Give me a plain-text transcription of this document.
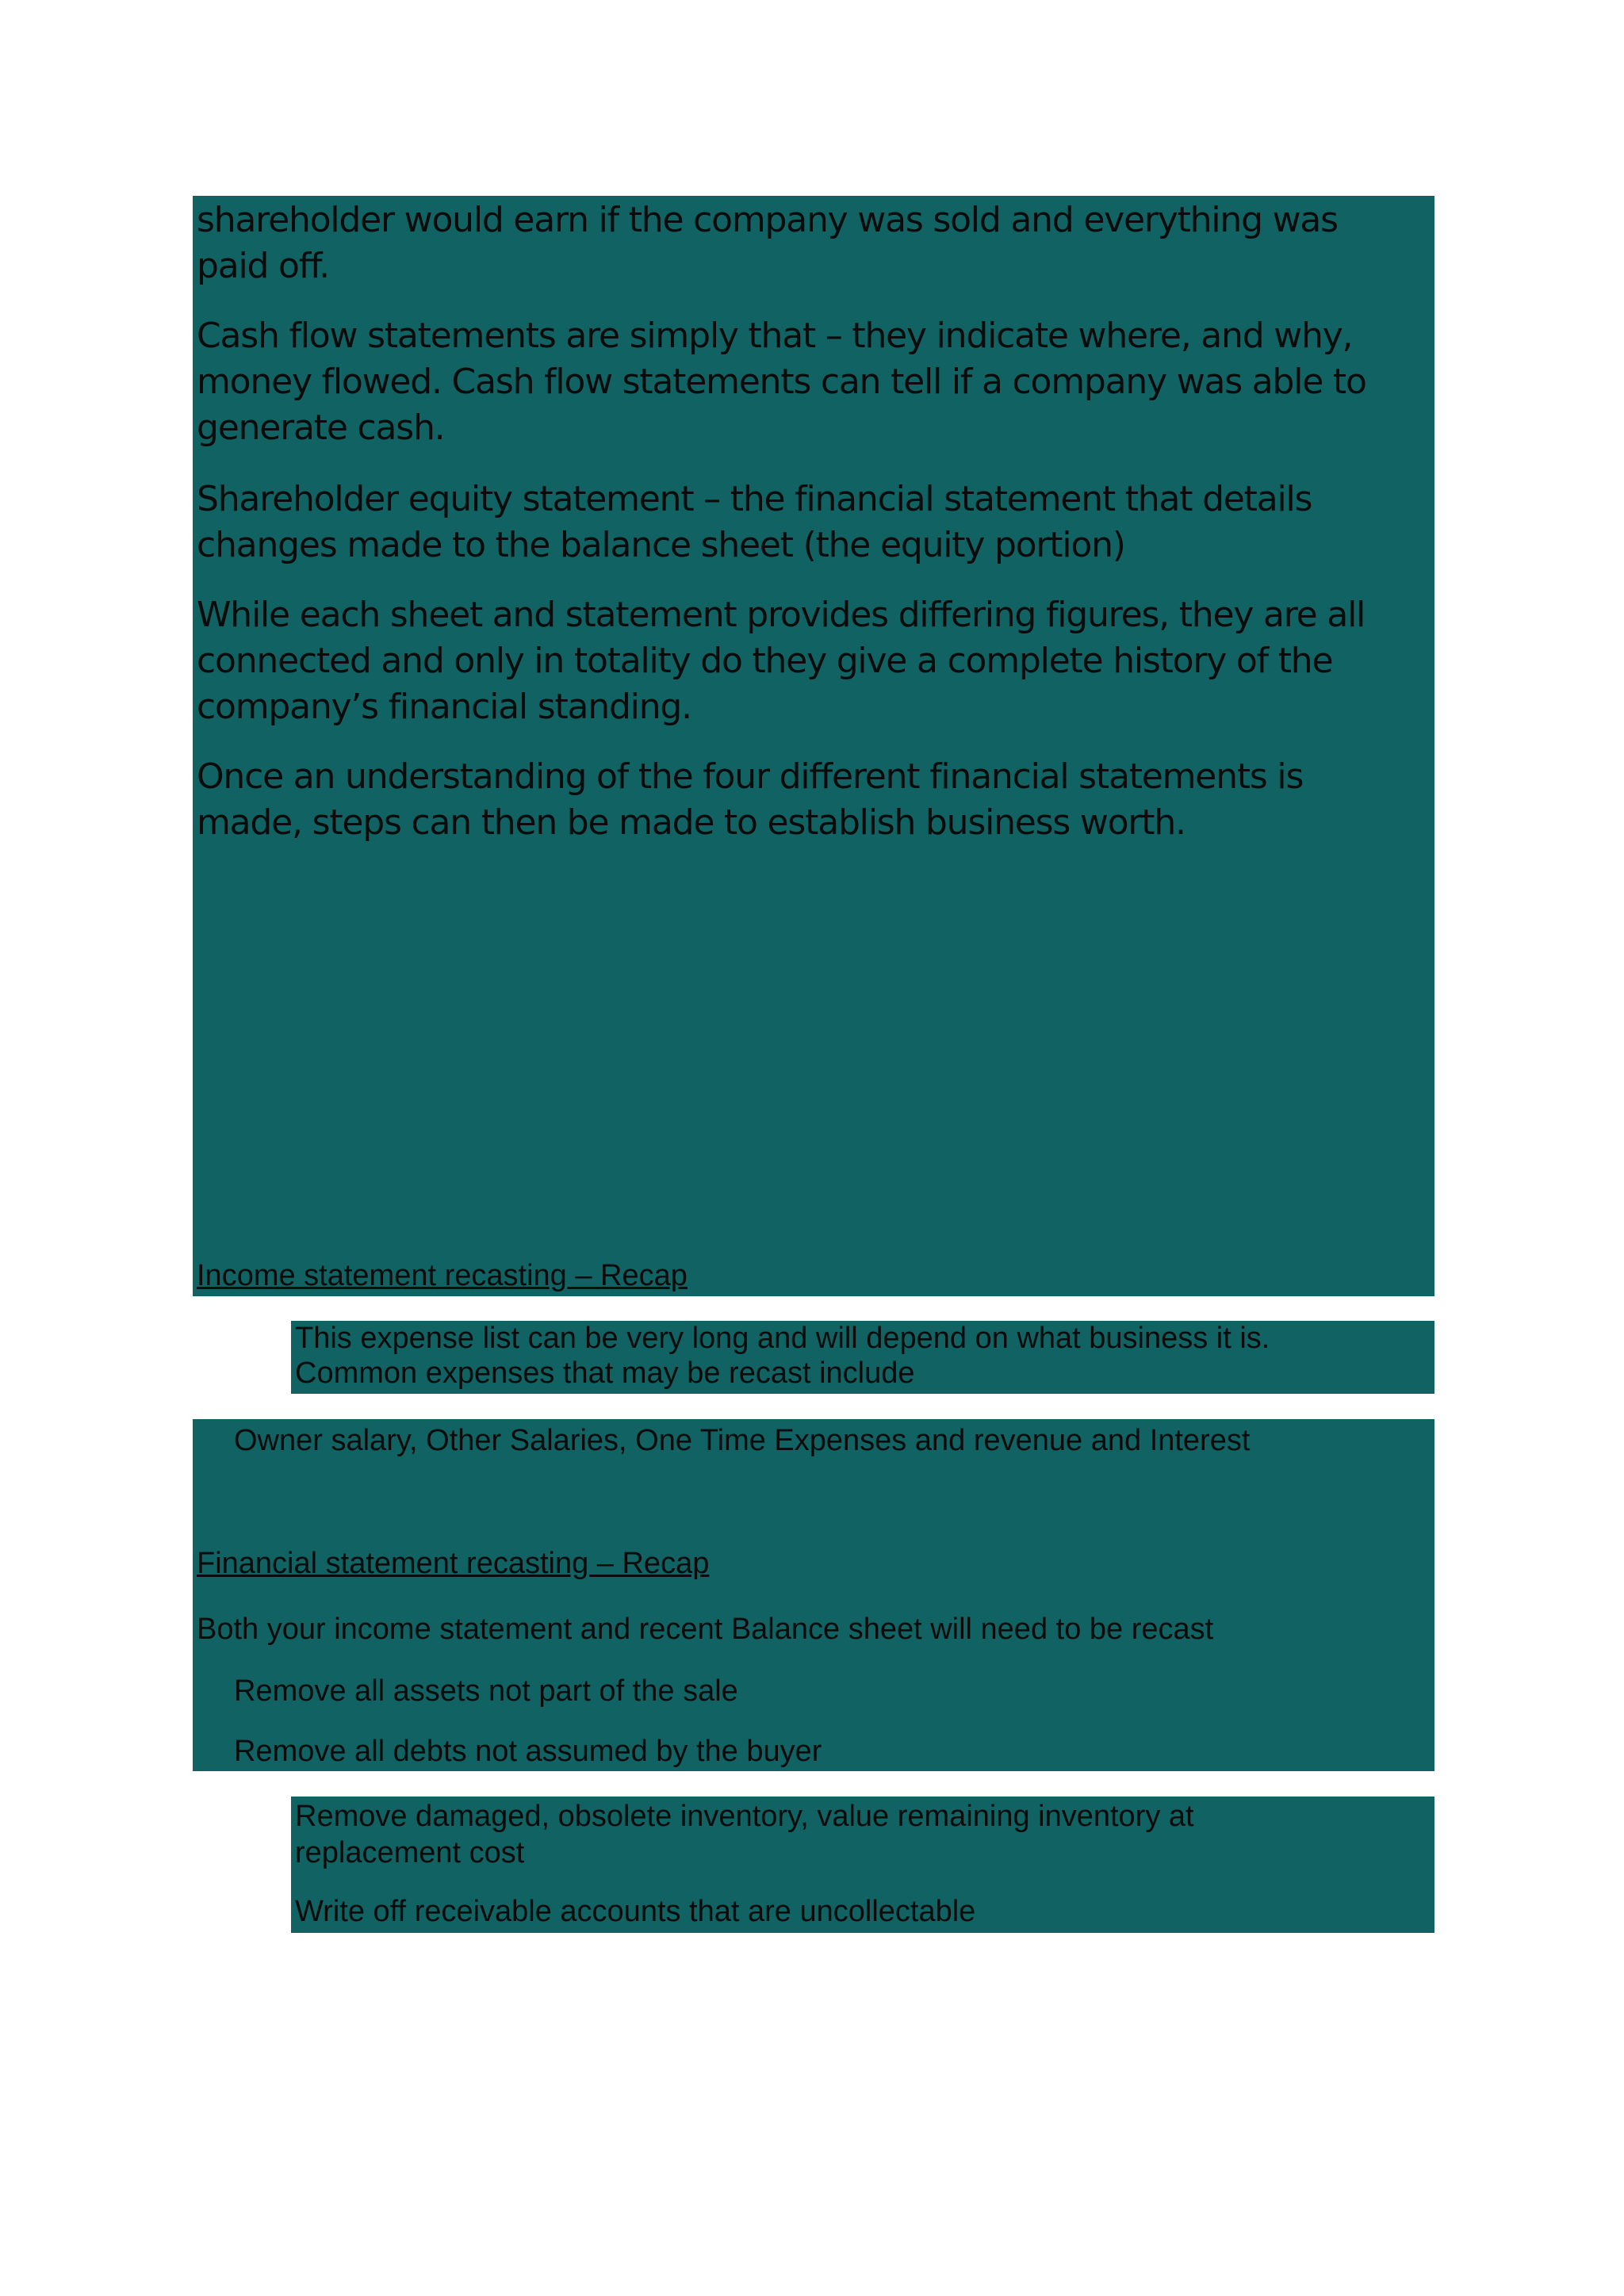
shareholder would earn if the company was sold and everything was
paid off.

Cash flow statements are simply that – they indicate where, and why,
money flowed. Cash flow statements can tell if a company was able to
generate cash.

Shareholder equity statement – the financial statement that details
changes made to the balance sheet (the equity portion)

While each sheet and statement provides differing figures, they are all
connected and only in totality do they give a complete history of the
company’s financial standing.

Once an understanding of the four different financial statements is
made, steps can then be made to establish business worth.

Income statement recasting – Recap

This expense list can be very long and will depend on what business it is.
Common expenses that may be recast include

Owner salary, Other Salaries, One Time Expenses and revenue and Interest

Financial statement recasting – Recap

Both your income statement and recent Balance sheet will need to be recast

Remove all assets not part of the sale

Remove all debts not assumed by the buyer

Remove damaged, obsolete inventory, value remaining inventory at
replacement cost

Write off receivable accounts that are uncollectable
